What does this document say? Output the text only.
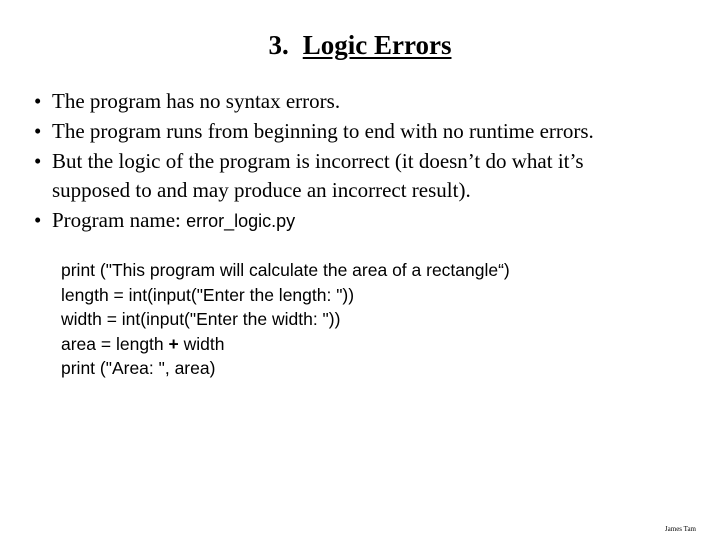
3. Logic Errors
• The program has no syntax errors.
• The program runs from beginning to end with no runtime errors.
• But the logic of the program is incorrect (it doesn’t do what it’s
supposed to and may produce an incorrect result).
• Program name: error_logic.py
print ("This program will calculate the area of a rectangle“)
length = int(input("Enter the length: "))
width = int(input("Enter the width: "))
area = length + width
print ("Area: ", area)
James Tam
